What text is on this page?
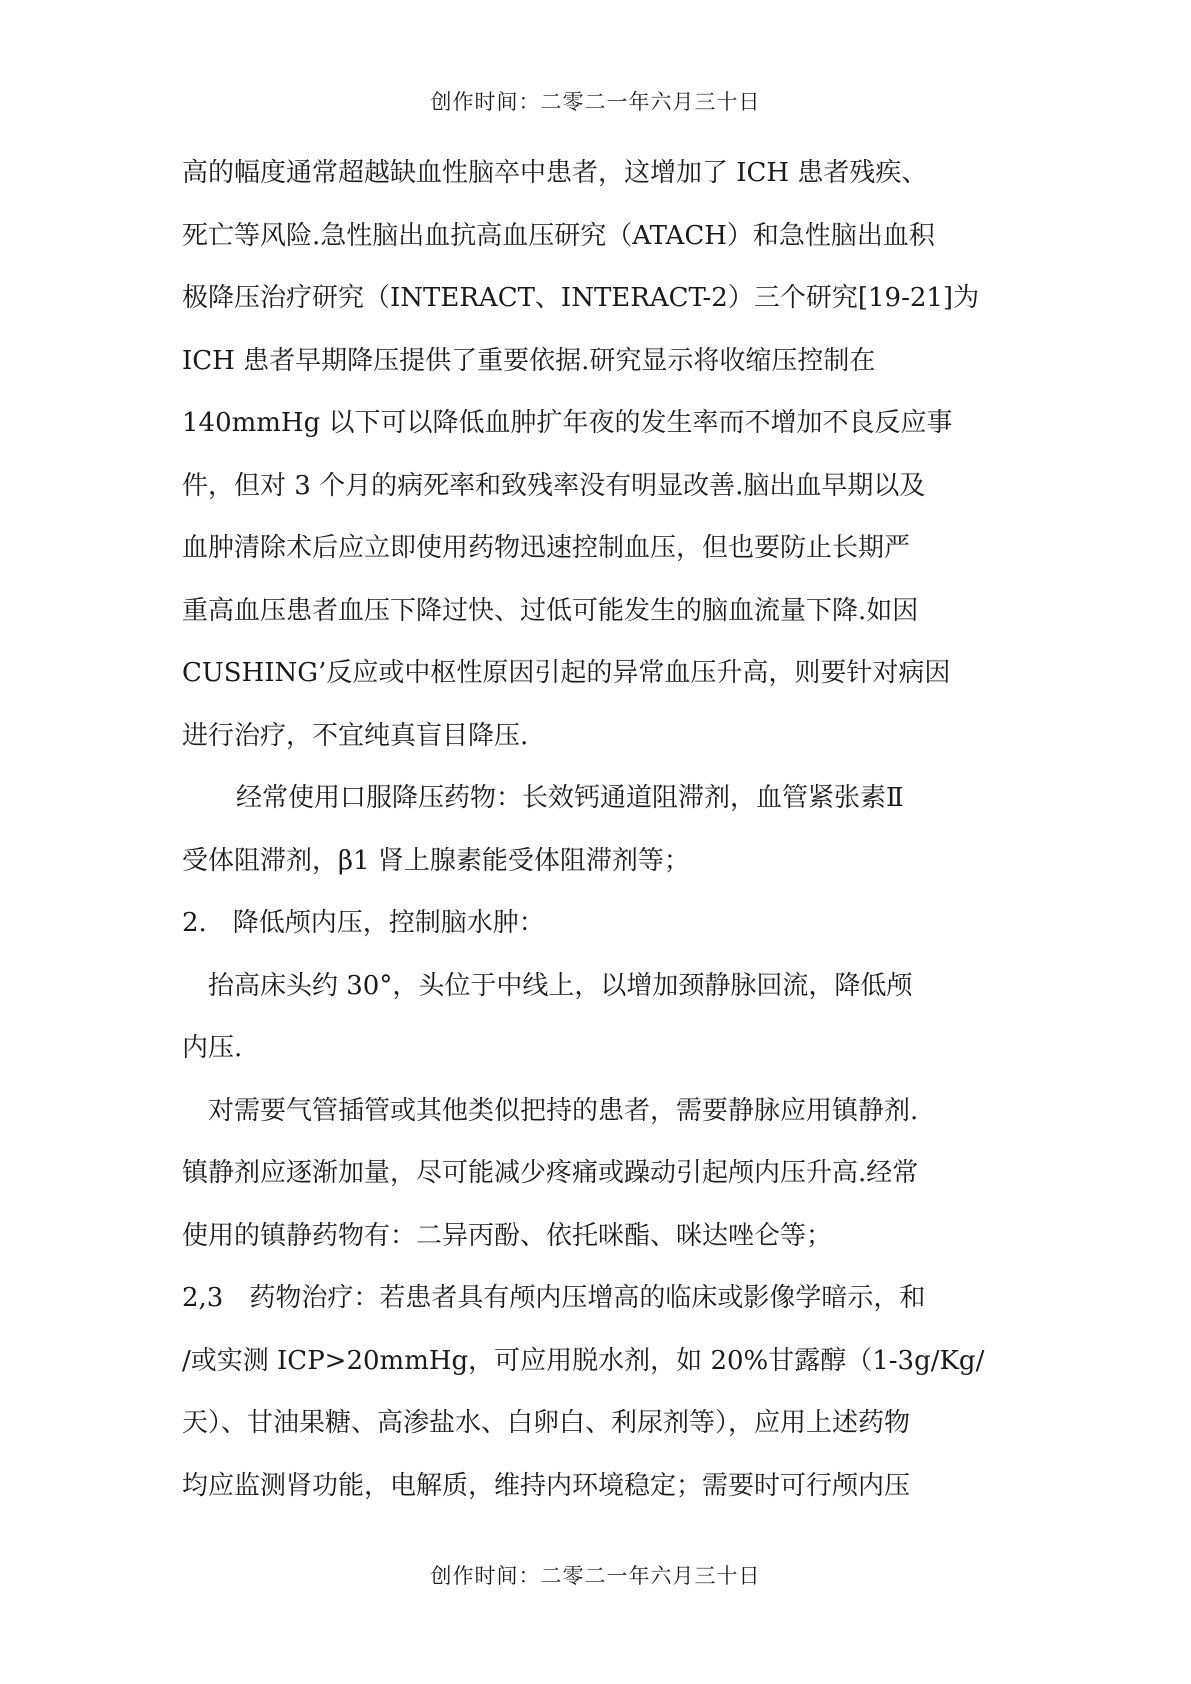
创作时间：二零二一年六月三十日
高的幅度通常超越缺血性脑卒中患者，这增加了 ICH 患者残疾、
死亡等风险.急性脑出血抗高血压研究（ATACH）和急性脑出血积
极降压治疗研究（INTERACT、INTERACT-2）三个研究[19-21]为
ICH 患者早期降压提供了重要依据.研究显示将收缩压控制在
140mmHg 以下可以降低血肿扩年夜的发生率而不增加不良反应事
件，但对 3 个月的病死率和致残率没有明显改善.脑出血早期以及
血肿清除术后应立即使用药物迅速控制血压，但也要防止长期严
重高血压患者血压下降过快、过低可能发生的脑血流量下降.如因
CUSHING’反应或中枢性原因引起的异常血压升高，则要针对病因
进行治疗，不宜纯真盲目降压.
经常使用口服降压药物：长效钙通道阻滞剂，血管紧张素Ⅱ
受体阻滞剂，β1 肾上腺素能受体阻滞剂等；
2.　降低颅内压，控制脑水肿：
抬高床头约 30°，头位于中线上，以增加颈静脉回流，降低颅
内压.
对需要气管插管或其他类似把持的患者，需要静脉应用镇静剂.
镇静剂应逐渐加量，尽可能减少疼痛或躁动引起颅内压升高.经常
使用的镇静药物有：二异丙酚、依托咪酯、咪达唑仑等；
2,3　药物治疗：若患者具有颅内压增高的临床或影像学暗示，和
/或实测 ICP>20mmHg，可应用脱水剂，如 20%甘露醇（1-3g/Kg/
天）、甘油果糖、高渗盐水、白卵白、利尿剂等），应用上述药物
均应监测肾功能，电解质，维持内环境稳定；需要时可行颅内压
创作时间：二零二一年六月三十日
